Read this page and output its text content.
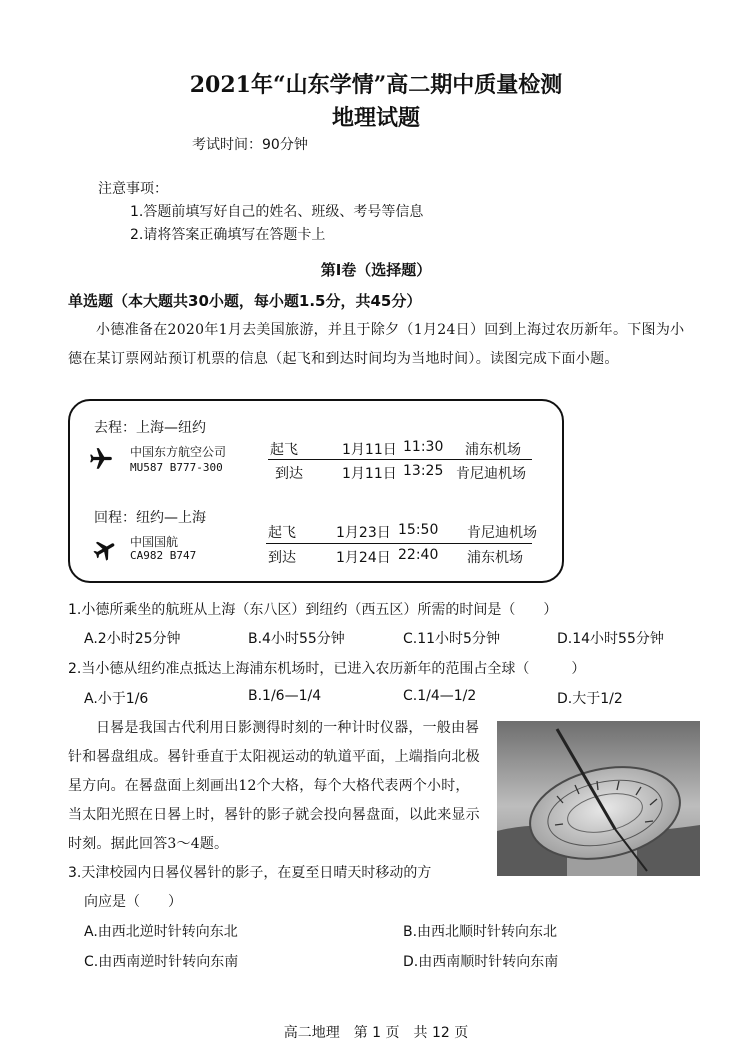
2021年“山东学情”高二期中质量检测
地理试题
考试时间：90分钟
注意事项：
1.答题前填写好自己的姓名、班级、考号等信息
2.请将答案正确填写在答题卡上
第Ⅰ卷（选择题）
单选题（本大题共30小题，每小题1.5分，共45分）
小德准备在2020年1月去美国旅游，并且于除夕（1月24日）回到上海过农历新年。下图为小德在某订票网站预订机票的信息（起飞和到达时间均为当地时间）。读图完成下面小题。
去程：上海—纽约
中国东方航空公司
MU587 B777-300
起飞	1月11日 11:30 浦东机场
到达	1月11日 13:25 肯尼迪机场
回程：纽约—上海
中国国航
CA982 B747
起飞	1月23日 15:50 肯尼迪机场
到达	1月24日 22:40 浦东机场
1.小德所乘坐的航班从上海（东八区）到纽约（西五区）所需的时间是（　　）
A.2小时25分钟	B.4小时55分钟	C.11小时5分钟	D.14小时55分钟
2.当小德从纽约准点抵达上海浦东机场时，已进入农历新年的范围占全球（　　　）
A.小于1/6	B.1/6—1/4	C.1/4—1/2	D.大于1/2
日晷是我国古代利用日影测得时刻的一种计时仪器，一般由晷针和晷盘组成。晷针垂直于太阳视运动的轨道平面，上端指向北极星方向。在晷盘面上刻画出12个大格，每个大格代表两个小时，当太阳光照在日晷上时，晷针的影子就会投向晷盘面，以此来显示时刻。据此回答3～4题。
3.天津校园内日晷仪晷针的影子，在夏至日晴天时移动的方
向应是（　　）
A.由西北逆时针转向东北	B.由西北顺时针转向东北
C.由西南逆时针转向东南	D.由西南顺时针转向东南
高二地理　第 1 页　共 12 页
